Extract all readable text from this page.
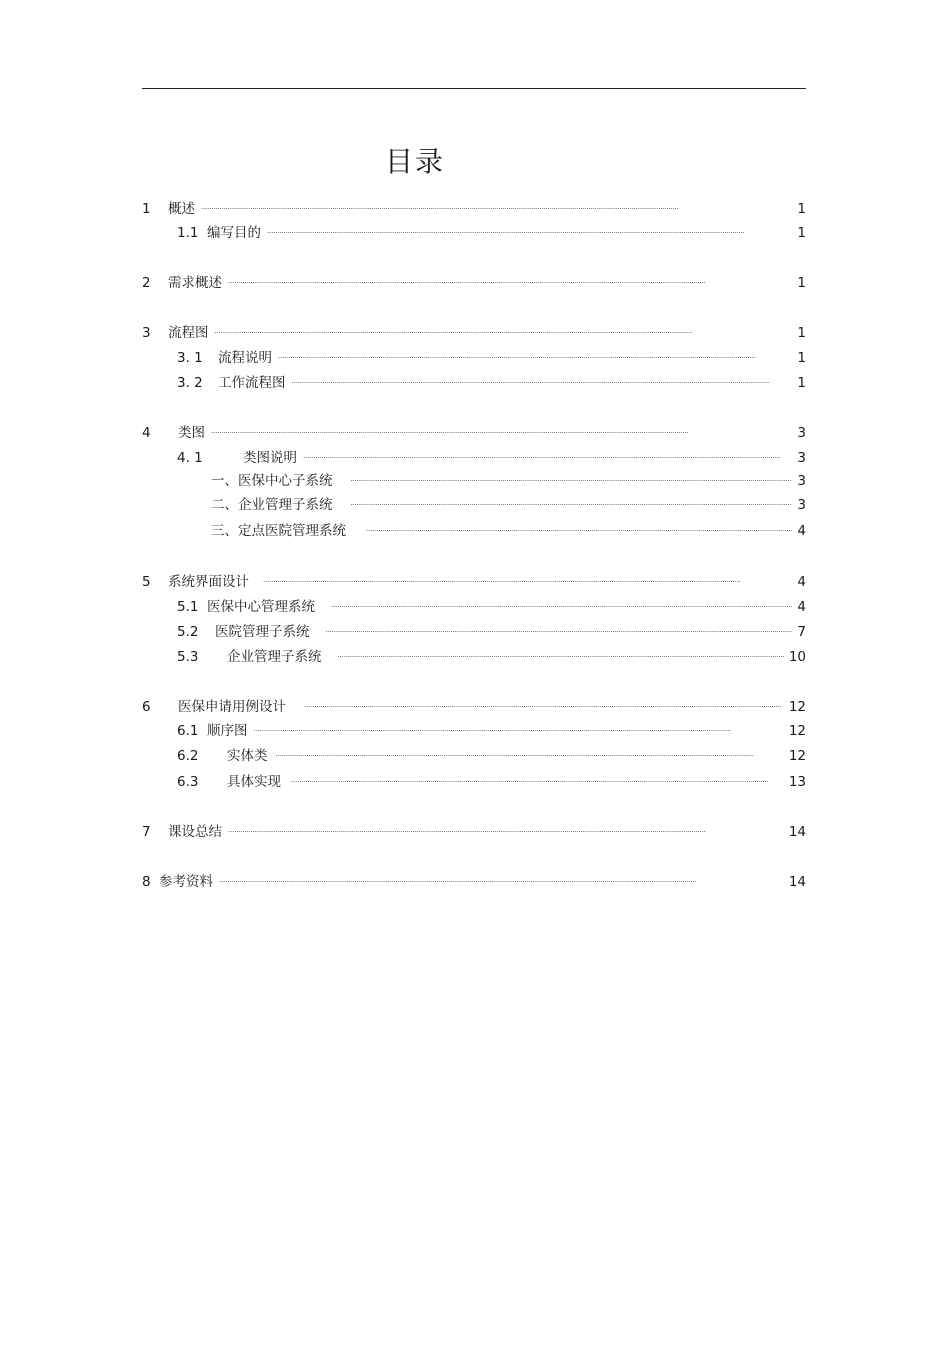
目录
1	概述 . . .	1
1.1 编写目的 . . .	1
2	需求概述 . . .	1
3	流程图 . . .	1
3. 1	流程说明 . . .	1
3. 2	工作流程图 . . .	1
4	类图 . . .	3
4. 1	类图说明 . . .	3
一、医保中心子系统 . . .	3
二、企业管理子系统 . . .	3
三、定点医院管理系统 . . .	4
5	系统界面设计 . . .	4
5.1 医保中心管理系统 . . .	4
5.2	医院管理子系统 . . .	7
5.3	企业管理子系统 . . .	10
6	医保申请用例设计 . . .	12
6.1 顺序图 . . .	12
6.2	实体类 . . .	12
6.3	具体实现 . . .	13
7	课设总结 . . .	14
8 参考资料 . . .	14
